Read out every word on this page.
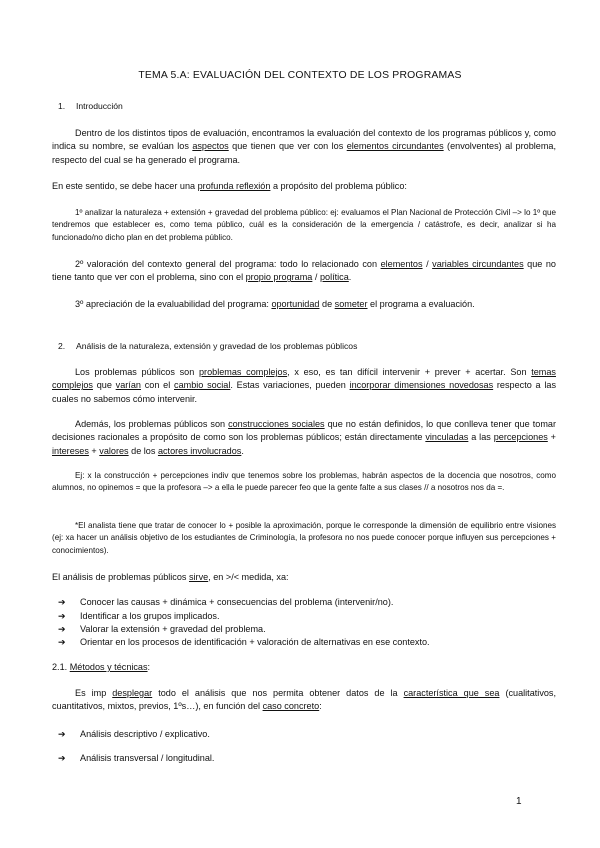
TEMA 5.A: EVALUACIÓN DEL CONTEXTO DE LOS PROGRAMAS

1. Introducción

Dentro de los distintos tipos de evaluación, encontramos la evaluación del contexto de los programas públicos y, como indica su nombre, se evalúan los aspectos que tienen que ver con los elementos circundantes (envolventes) al problema, respecto del cual se ha generado el programa.

En este sentido, se debe hacer una profunda reflexión a propósito del problema público:

1º analizar la naturaleza + extensión + gravedad del problema público: ej: evaluamos el Plan Nacional de Protección Civil –> lo 1º que tendremos que establecer es, como tema público, cuál es la consideración de la emergencia / catástrofe, es decir, analizar si ha funcionado/no dicho plan en det problema público.

2º valoración del contexto general del programa: todo lo relacionado con elementos / variables circundantes que no tiene tanto que ver con el problema, sino con el propio programa / política.

3º apreciación de la evaluabilidad del programa: oportunidad de someter el programa a evaluación.

2. Análisis de la naturaleza, extensión y gravedad de los problemas públicos

Los problemas públicos son problemas complejos, x eso, es tan difícil intervenir + prever + acertar. Son temas complejos que varían con el cambio social. Estas variaciones, pueden incorporar dimensiones novedosas respecto a las cuales no sabemos cómo intervenir.

Además, los problemas públicos son construcciones sociales que no están definidos, lo que conlleva tener que tomar decisiones racionales a propósito de como son los problemas públicos; están directamente vinculadas a las percepciones + intereses + valores de los actores involucrados.

Ej: x la construcción + percepciones indiv que tenemos sobre los problemas, habrán aspectos de la docencia que nosotros, como alumnos, no opinemos = que la profesora –> a ella le puede parecer feo que la gente falte a sus clases // a nosotros nos da =.

*El analista tiene que tratar de conocer lo + posible la aproximación, porque le corresponde la dimensión de equilibrio entre visiones (ej: xa hacer un análisis objetivo de los estudiantes de Criminología, la profesora no nos puede conocer porque influyen sus percepciones + conocimientos).

El análisis de problemas públicos sirve, en >/< medida, xa:

➔ Conocer las causas + dinámica + consecuencias del problema (intervenir/no).
➔ Identificar a los grupos implicados.
➔ Valorar la extensión + gravedad del problema.
➔ Orientar en los procesos de identificación + valoración de alternativas en ese contexto.

2.1. Métodos y técnicas:

Es imp desplegar todo el análisis que nos permita obtener datos de la característica que sea (cualitativos, cuantitativos, mixtos, previos, 1ºs…), en función del caso concreto:

➔ Análisis descriptivo / explicativo.
➔ Análisis transversal / longitudinal.
1
